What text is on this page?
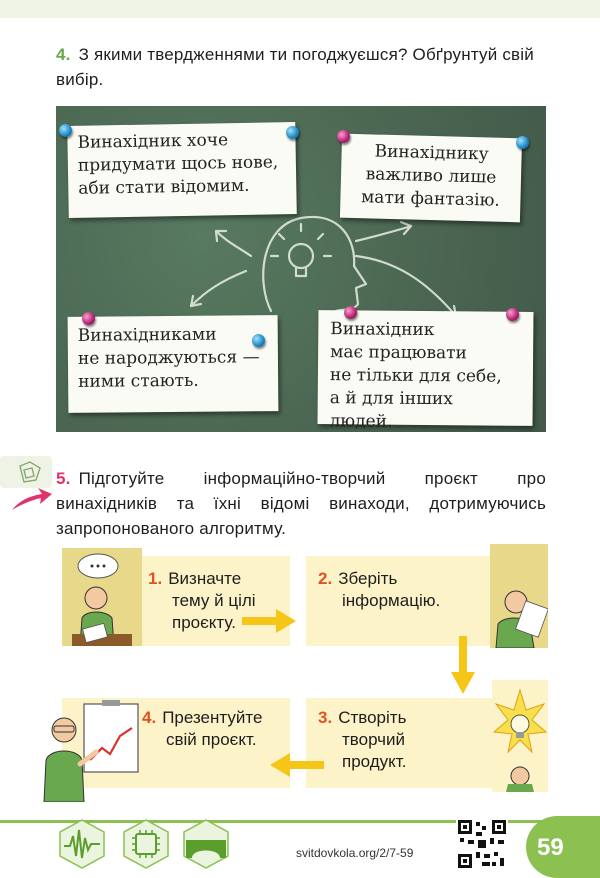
4. З якими твердженнями ти погоджуєшся? Обґрунтуй свій вибір.
Винахідник хоче
придумати щось нове,
аби стати відомим.
Винахіднику
важливо лише
мати фантазію.
Винахідниками
не народжуються —
ними стають.
Винахідник
має працювати
не тільки для себе,
а й для інших людей.
5. Підготуйте інформаційно-творчий проєкт про винахідників та їхні відомі винаходи, дотримуючись запропонованого алгоритму.
1. Визначте
тему й цілі
проєкту.
2. Зберіть
інформацію.
3. Створіть
творчий
продукт.
4. Презентуйте
свій проєкт.
svitdovkola.org/2/7-59	59
